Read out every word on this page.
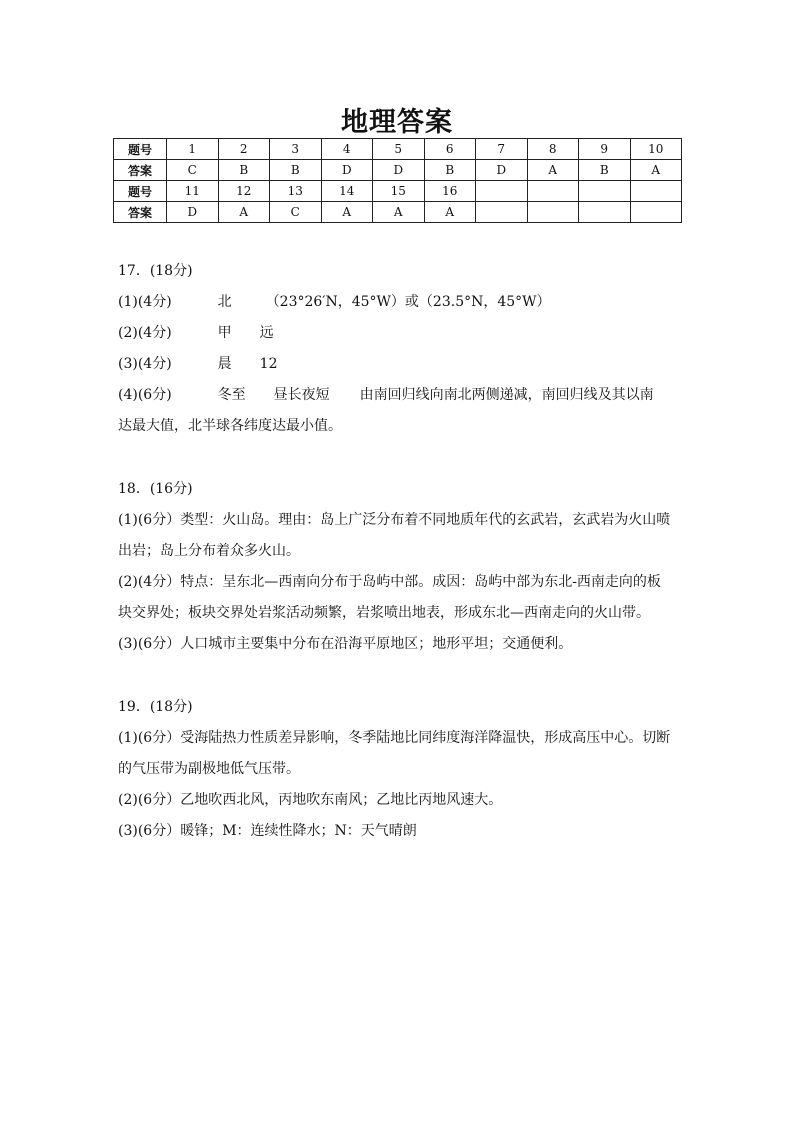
地理答案
题号	1	2	3	4	5	6	7	8	9	10
答案	C	B	B	D	D	B	D	A	B	A
题号	11	12	13	14	15	16				
答案	D	A	C	A	A	A				
17．(18分)
(1)(4分)	北 （23°26′N，45°W）或（23.5°N，45°W）
(2)(4分)	甲 远
(3)(4分)	晨 12
(4)(6分)	冬至 昼长夜短 由南回归线向南北两侧递减，南回归线及其以南
达最大值，北半球各纬度达最小值。
18．(16分)
(1)(6分）类型：火山岛。理由：岛上广泛分布着不同地质年代的玄武岩，玄武岩为火山喷
出岩；岛上分布着众多火山。
(2)(4分）特点：呈东北—西南向分布于岛屿中部。成因：岛屿中部为东北-西南走向的板
块交界处；板块交界处岩浆活动频繁，岩浆喷出地表，形成东北—西南走向的火山带。
(3)(6分）人口城市主要集中分布在沿海平原地区；地形平坦；交通便利。
19．(18分)
(1)(6分）受海陆热力性质差异影响，冬季陆地比同纬度海洋降温快，形成高压中心。切断
的气压带为副极地低气压带。
(2)(6分）乙地吹西北风，丙地吹东南风；乙地比丙地风速大。
(3)(6分）暖锋；M：连续性降水；N：天气晴朗
